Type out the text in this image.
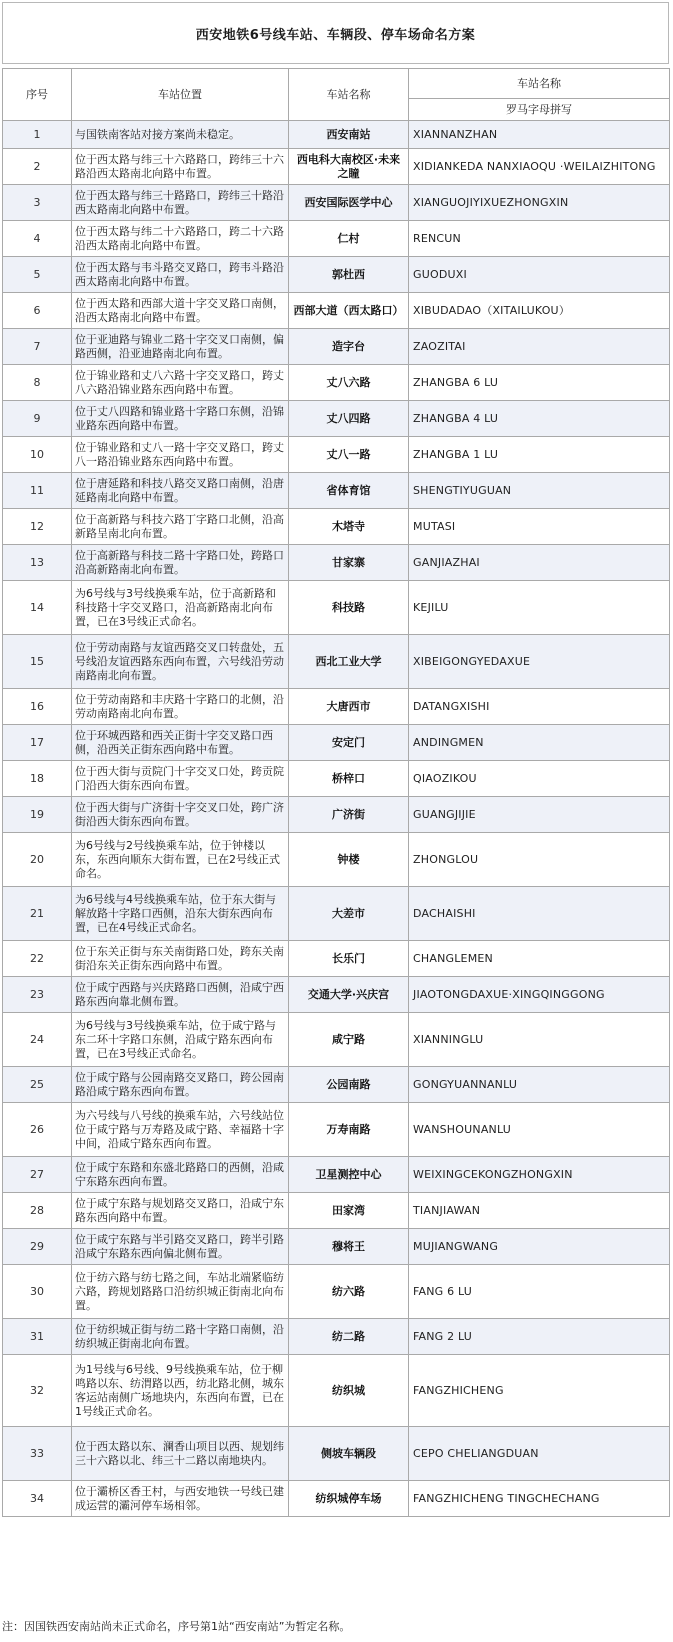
西安地铁6号线车站、车辆段、停车场命名方案
序号	车站位置	车站名称	车站名称
			罗马字母拼写
1	与国铁南客站对接方案尚未稳定。	西安南站	XIANNANZHAN
2	位于西太路与纬三十六路路口，跨纬三十六路沿西太路南北向路中布置。	西电科大南校区·未来之瞳	XIDIANKEDA NANXIAOQU ·WEILAIZHITONG
3	位于西太路与纬三十路路口，跨纬三十路沿西太路南北向路中布置。	西安国际医学中心	XIANGUOJIYIXUEZHONGXIN
4	位于西太路与纬二十六路路口，跨二十六路沿西太路南北向路中布置。	仁村	RENCUN
5	位于西太路与韦斗路交叉路口，跨韦斗路沿西太路南北向路中布置。	郭杜西	GUODUXI
6	位于西太路和西部大道十字交叉路口南侧，沿西太路南北向路中布置。	西部大道（西太路口）	XIBUDADAO（XITAILUKOU）
7	位于亚迪路与锦业二路十字交叉口南侧，偏路西侧，沿亚迪路南北向布置。	造字台	ZAOZITAI
8	位于锦业路和丈八六路十字交叉路口，跨丈八六路沿锦业路东西向路中布置。	丈八六路	ZHANGBA 6 LU
9	位于丈八四路和锦业路十字路口东侧，沿锦业路东西向路中布置。	丈八四路	ZHANGBA 4 LU
10	位于锦业路和丈八一路十字交叉路口，跨丈八一路沿锦业路东西向路中布置。	丈八一路	ZHANGBA 1 LU
11	位于唐延路和科技八路交叉路口南侧，沿唐延路南北向路中布置。	省体育馆	SHENGTIYUGUAN
12	位于高新路与科技六路丁字路口北侧，沿高新路呈南北向布置。	木塔寺	MUTASI
13	位于高新路与科技二路十字路口处，跨路口沿高新路南北向布置。	甘家寨	GANJIAZHAI
14	为6号线与3号线换乘车站，位于高新路和科技路十字交叉路口，沿高新路南北向布置，已在3号线正式命名。	科技路	KEJILU
15	位于劳动南路与友谊西路交叉口转盘处，五号线沿友谊西路东西向布置，六号线沿劳动南路南北向布置。	西北工业大学	XIBEIGONGYEDAXUE
16	位于劳动南路和丰庆路十字路口的北侧，沿劳动南路南北向布置。	大唐西市	DATANGXISHI
17	位于环城西路和西关正街十字交叉路口西侧，沿西关正街东西向路中布置。	安定门	ANDINGMEN
18	位于西大街与贡院门十字交叉口处，跨贡院门沿西大街东西向布置。	桥梓口	QIAOZIKOU
19	位于西大街与广济街十字交叉口处，跨广济街沿西大街东西向布置。	广济街	GUANGJIJIE
20	为6号线与2号线换乘车站，位于钟楼以东，东西向顺东大街布置，已在2号线正式命名。	钟楼	ZHONGLOU
21	为6号线与4号线换乘车站，位于东大街与解放路十字路口西侧，沿东大街东西向布置，已在4号线正式命名。	大差市	DACHAISHI
22	位于东关正街与东关南街路口处，跨东关南街沿东关正街东西向路中布置。	长乐门	CHANGLEMEN
23	位于咸宁西路与兴庆路路口西侧，沿咸宁西路东西向靠北侧布置。	交通大学·兴庆宫	JIAOTONGDAXUE·XINGQINGGONG
24	为6号线与3号线换乘车站，位于咸宁路与东二环十字路口东侧，沿咸宁路东西向布置，已在3号线正式命名。	咸宁路	XIANNINGLU
25	位于咸宁路与公园南路交叉路口，跨公园南路沿咸宁路东西向布置。	公园南路	GONGYUANNANLU
26	为六号线与八号线的换乘车站，六号线站位位于咸宁路与万寿路及咸宁路、幸福路十字中间，沿咸宁路东西向布置。	万寿南路	WANSHOUNANLU
27	位于咸宁东路和东盛北路路口的西侧，沿咸宁东路东西向布置。	卫星测控中心	WEIXINGCEKONGZHONGXIN
28	位于咸宁东路与规划路交叉路口，沿咸宁东路东西向路中布置。	田家湾	TIANJIAWAN
29	位于咸宁东路与半引路交叉路口，跨半引路沿咸宁东路东西向偏北侧布置。	穆将王	MUJIANGWANG
30	位于纺六路与纺七路之间，车站北端紧临纺六路，跨规划路路口沿纺织城正街南北向布置。	纺六路	FANG 6 LU
31	位于纺织城正街与纺二路十字路口南侧，沿纺织城正街南北向布置。	纺二路	FANG 2 LU
32	为1号线与6号线、9号线换乘车站，位于柳鸣路以东、纺渭路以西，纺北路北侧，城东客运站南侧广场地块内，东西向布置，已在1号线正式命名。	纺织城	FANGZHICHENG
33	位于西太路以东、澜香山项目以西、规划纬三十六路以北、纬三十二路以南地块内。	侧坡车辆段	CEPO CHELIANGDUAN
34	位于灞桥区香王村，与西安地铁一号线已建成运营的灞河停车场相邻。	纺织城停车场	FANGZHICHENG TINGCHECHANG
注：因国铁西安南站尚未正式命名，序号第1站“西安南站”为暂定名称。
